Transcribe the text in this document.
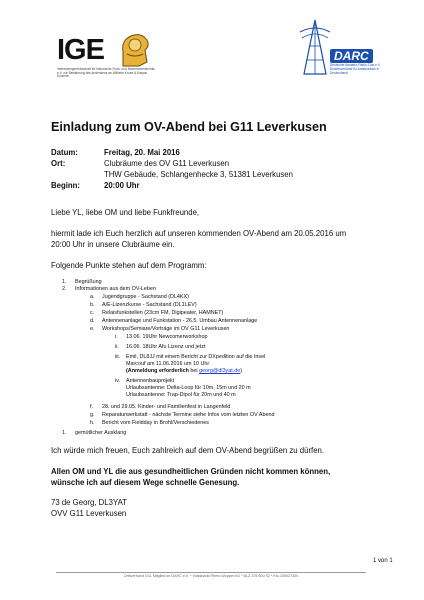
IGE
Interessengemeinschaft für historische Funk- und Nachrichtentechnik e.V. zur Bewahrung des Andenkens an Wilhelm Kruse & Kaspar Schmidt
DARC
Deutscher Amateur-Radio-Club e.V.
Bundesverband für Amateurfunk in Deutschland
Einladung zum OV-Abend bei G11 Leverkusen
Datum:	Freitag, 20. Mai 2016
Ort:	Clubräume des OV G11 Leverkusen
THW Gebäude, Schlangenhecke 3, 51381 Leverkusen
Beginn:	20:00 Uhr
Liebe YL, liebe OM und liebe Funkfreunde,
hiermit lade ich Euch herzlich auf unseren kommenden OV-Abend am 20.05.2016 um
20:00 Uhr in unsere Clubräume ein.
Folgende Punkte stehen auf dem Programm:
1. Begrüßung
2. Informationen aus dem OV-Leben
a. Jugendgruppe - Sachstand (DL4KX)
b. A/E-Lizenzkurse - Sachstand (DL1LEV)
c. Relaisfunkstellen (23cm FM, Digipeater, HAMNET)
d. Antennenanlage und Funkstation - 26.5. Umbau Antennenanlage
e. Workshops/Semiare/Vorträge im OV G11 Leverkusen
i. 13.06. 19Uhr Newcomerworkshop
ii. 16.06. 18Uhr Afu Lizenz und jetzt
iii. Emil, DL8JJ mit einem Bericht zur DXpedition auf die Insel
Marcouf am 11.06.2016 um 10 Uhr
(Anmeldung erforderlich bei georg@dl3yat.de)
iv. Antennenbauprojekt
Urlaubsantenne: Delta-Loop für 10m, 15m und 20 m
Urlaubsantenne: Trap-Dipol für 20m und 40 m
f. 28. und 29.05. Kinder- und Familienfest in Langenfeld
g. Reparaturwerkstatt - nächste Termine siehe Infos vom letzten OV Abend
h. Bericht vom Fieldday in Brohl/Verschiedenes
1. gemütlicher Ausklang
Ich würde mich freuen, Euch zahlreich auf dem OV-Abend begrüßen zu dürfen.
Allen OM und YL die aus gesundheitlichen Gründen nicht kommen können,
wünsche ich auf diesem Wege schnelle Genesung.
73 de Georg, DL3YAT
OVV G11 Leverkusen
1 von 1
Ortsverband G11 Mitglied im DARC e.V. * Volksbank Rhein-Wupper eG * BLZ 375 600 92 * Kto.100027300
